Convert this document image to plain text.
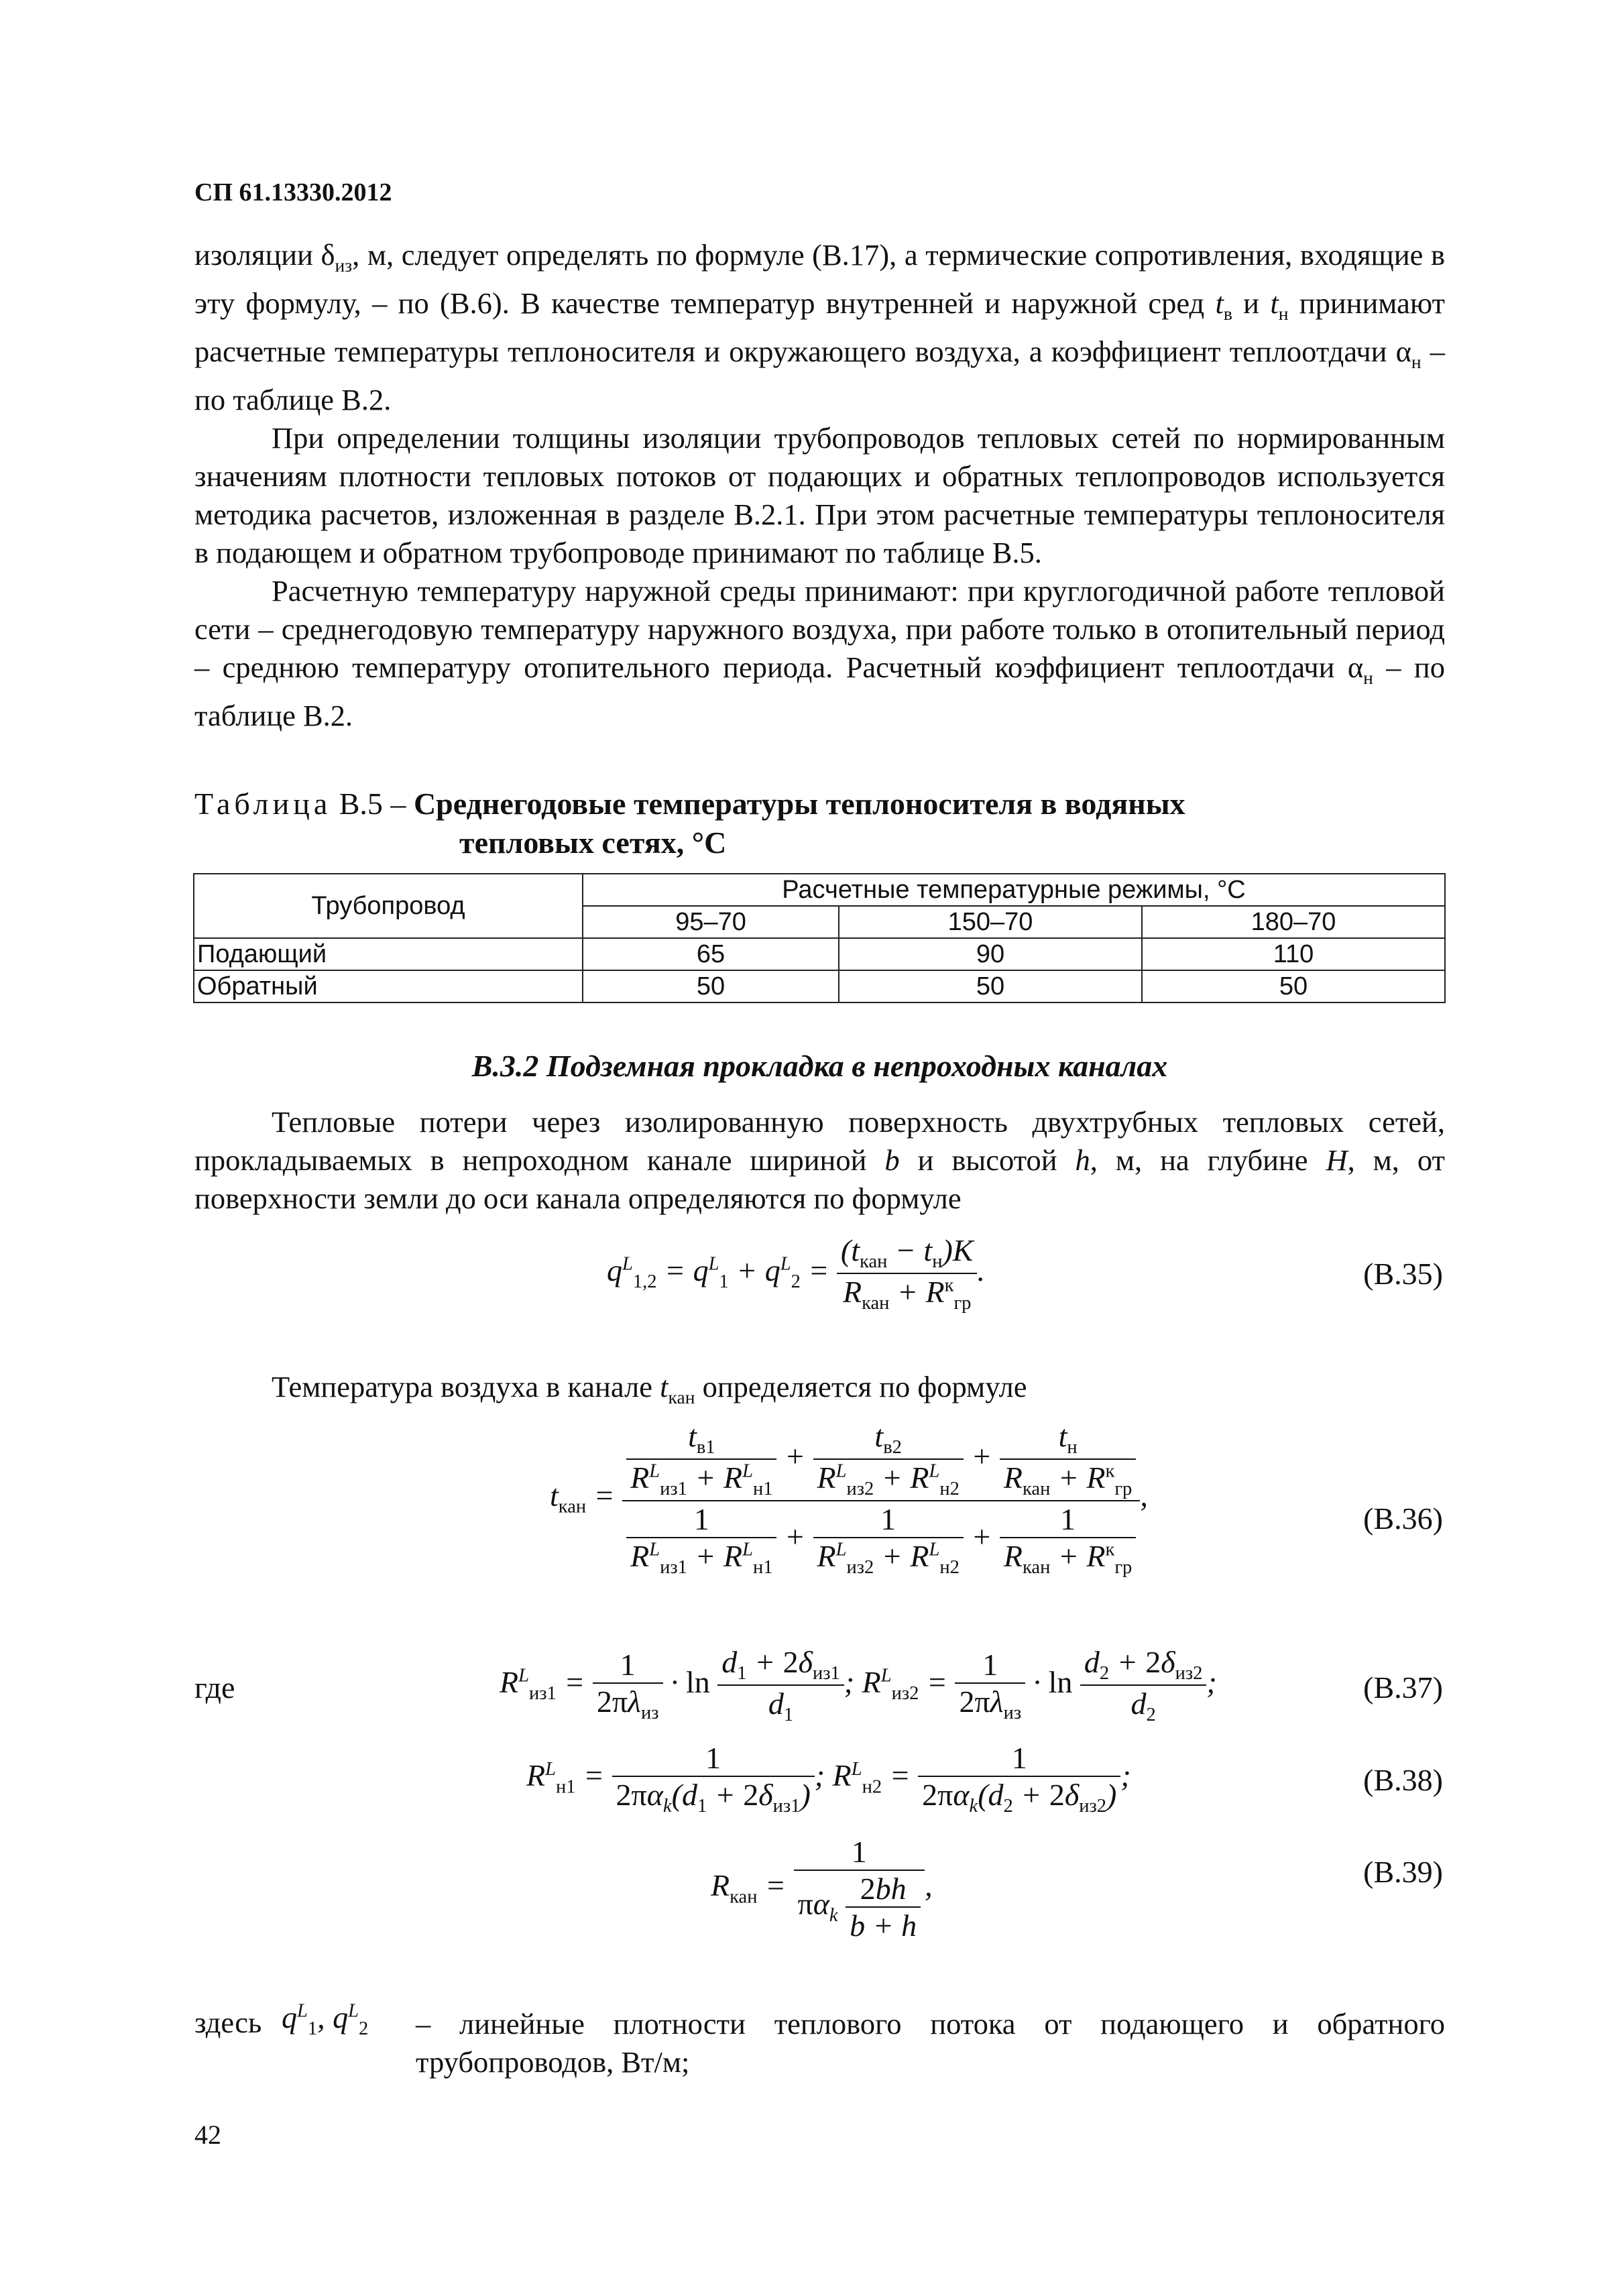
СП 61.13330.2012

изоляции $\delta_{из}$, м, следует определять по формуле (В.17), а термические сопротивления, входящие в эту формулу, – по (В.6). В качестве температур внутренней и наружной сред $t_в$ и $t_н$ принимают расчетные температуры теплоносителя и окружающего воздуха, а коэффициент теплоотдачи $\alpha_н$ – по таблице В.2.

При определении толщины изоляции трубопроводов тепловых сетей по нормированным значениям плотности тепловых потоков от подающих и обратных теплопроводов используется методика расчетов, изложенная в разделе В.2.1. При этом расчетные температуры теплоносителя в подающем и обратном трубопроводе принимают по таблице В.5.

Расчетную температуру наружной среды принимают: при круглогодичной работе тепловой сети – среднегодовую температуру наружного воздуха, при работе только в отопительный период – среднюю температуру отопительного периода. Расчетный коэффициент теплоотдачи $\alpha_н$ – по таблице В.2.

Таблица В.5 – Среднегодовые температуры теплоносителя в водяных
тепловых сетях, °С
Трубопровод	Расчетные температурные режимы, °С		
	95–70	150–70	180–70
Подающий	65	90	110
Обратный	50	50	50
В.3.2 Подземная прокладка в непроходных каналах

Тепловые потери через изолированную поверхность двухтрубных тепловых сетей, прокладываемых в непроходном канале шириной b и высотой h, м, на глубине H, м, от поверхности земли до оси канала определяются по формуле

$q^L_{1,2} = q^L_1 + q^L_2 = \frac{(t_{кан} - t_н)K}{R_{кан} + R^к_{гр}}$ .	(В.35)

Температура воздуха в канале $t_{кан}$ определяется по формуле

$t_{кан} = \frac{t_{в1}}{R^L_{из1} + R^L_{н1}} + \frac{t_{в2}}{R^L_{из2} + R^L_{н2}} + \frac{t_н}{R_{кан} + R^к_{гр}}$
$\frac{1}{R^L_{из1} + R^L_{н1}} + \frac{1}{R^L_{из2} + R^L_{н2}} + \frac{1}{R_{кан} + R^к_{гр}}$
,
(В.36)
где	$R^L_{из1} = \frac{1}{2\pi\lambda_{из}} \cdot \ln \frac{d_1 + 2\delta_{из1}}{d_1}$ ; $R^L_{из2} = \frac{1}{2\pi\lambda_{из}} \cdot \ln \frac{d_2 + 2\delta_{из2}}{d_2}$ ;	(В.37)
$R^L_{н1} = \frac{1}{2\pi\alpha_k(d_1 + 2\delta_{из1})}$ ; $R^L_{н2} = \frac{1}{2\pi\alpha_k(d_2 + 2\delta_{из2})}$ ;	(В.38)
$R_{кан} = \frac{1}{\pi\alpha_k \frac{2bh}{b + h}}$ ,	(В.39)
здесь $q^L_1$, $q^L_2$ – линейные плотности теплового потока от подающего и обратного трубопроводов, Вт/м;

42
